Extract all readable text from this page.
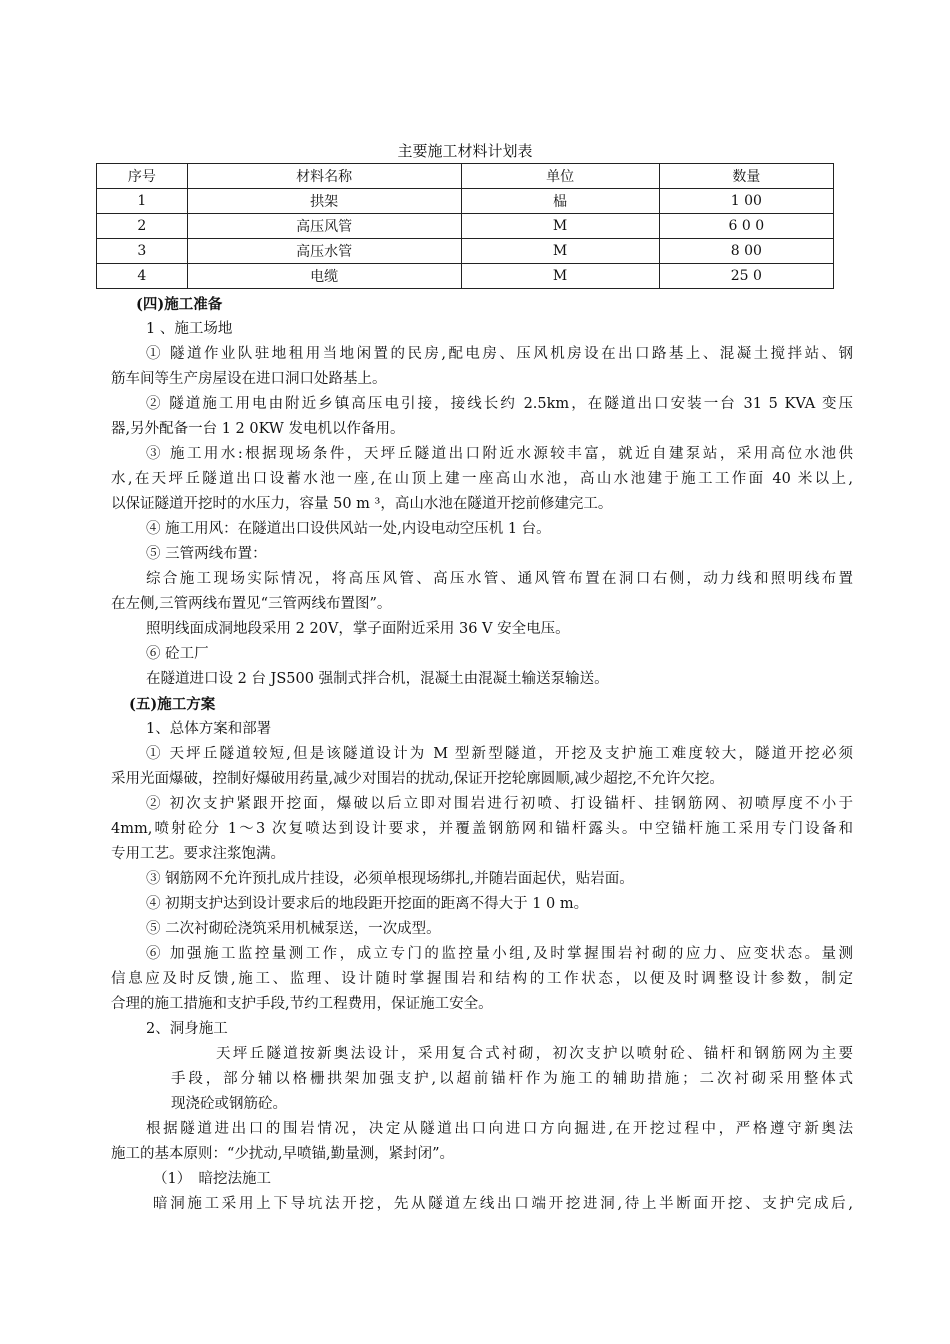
主要施工材料计划表
序号	材料名称	单位	数量
1	拱架	榀	1 00
2	高压风管	M	6 0 0
3	高压水管	M	8 00
4	电缆	M	25 0
(四)施工准备
1 、施工场地
① 隧道作业队驻地租用当地闲置的民房,配电房、压风机房设在出口路基上、混凝土搅拌站、钢
筋车间等生产房屋设在进口洞口处路基上。
② 隧道施工用电由附近乡镇高压电引接，接线长约 2.5km，在隧道出口安装一台 31 5 KVA 变压
器,另外配备一台 1 2 0KW 发电机以作备用。
③ 施工用水:根据现场条件，天坪丘隧道出口附近水源较丰富，就近自建泵站，采用高位水池供
水,在天坪丘隧道出口设蓄水池一座,在山顶上建一座高山水池，高山水池建于施工工作面 40 米以上,
以保证隧道开挖时的水压力，容量 50 m ³，高山水池在隧道开挖前修建完工。
④ 施工用风：在隧道出口设供风站一处,内设电动空压机 1 台。
⑤ 三管两线布置：
综合施工现场实际情况，将高压风管、高压水管、通风管布置在洞口右侧，动力线和照明线布置
在左侧,三管两线布置见“三管两线布置图”。
照明线面成洞地段采用 2 20V，掌子面附近采用 36 V 安全电压。
⑥ 砼工厂
在隧道进口设 2 台 JS500 强制式拌合机，混凝土由混凝土输送泵输送。
(五)施工方案
1、总体方案和部署
① 天坪丘隧道较短,但是该隧道设计为 M 型新型隧道，开挖及支护施工难度较大，隧道开挖必须
采用光面爆破，控制好爆破用药量,减少对围岩的扰动,保证开挖轮廓圆顺,减少超挖,不允许欠挖。
② 初次支护紧跟开挖面，爆破以后立即对围岩进行初喷、打设锚杆、挂钢筋网、初喷厚度不小于
4mm,喷射砼分 1～3 次复喷达到设计要求，并覆盖钢筋网和锚杆露头。中空锚杆施工采用专门设备和
专用工艺。要求注浆饱满。
③ 钢筋网不允许预扎成片挂设，必须单根现场绑扎,并随岩面起伏，贴岩面。
④ 初期支护达到设计要求后的地段距开挖面的距离不得大于 1 0 m。
⑤ 二次衬砌砼浇筑采用机械泵送，一次成型。
⑥ 加强施工监控量测工作，成立专门的监控量小组,及时掌握围岩衬砌的应力、应变状态。量测
信息应及时反馈,施工、监理、设计随时掌握围岩和结构的工作状态，以便及时调整设计参数，制定
合理的施工措施和支护手段,节约工程费用，保证施工安全。
2、洞身施工
天坪丘隧道按新奥法设计，采用复合式衬砌，初次支护以喷射砼、锚杆和钢筋网为主要
手段，部分辅以格栅拱架加强支护,以超前锚杆作为施工的辅助措施；二次衬砌采用整体式
现浇砼或钢筋砼。
根据隧道进出口的围岩情况，决定从隧道出口向进口方向掘进,在开挖过程中，严格遵守新奥法
施工的基本原则：“少扰动,早喷锚,勤量测，紧封闭”。
（1）　暗挖法施工
暗洞施工采用上下导坑法开挖，先从隧道左线出口端开挖进洞,待上半断面开挖、支护完成后,
